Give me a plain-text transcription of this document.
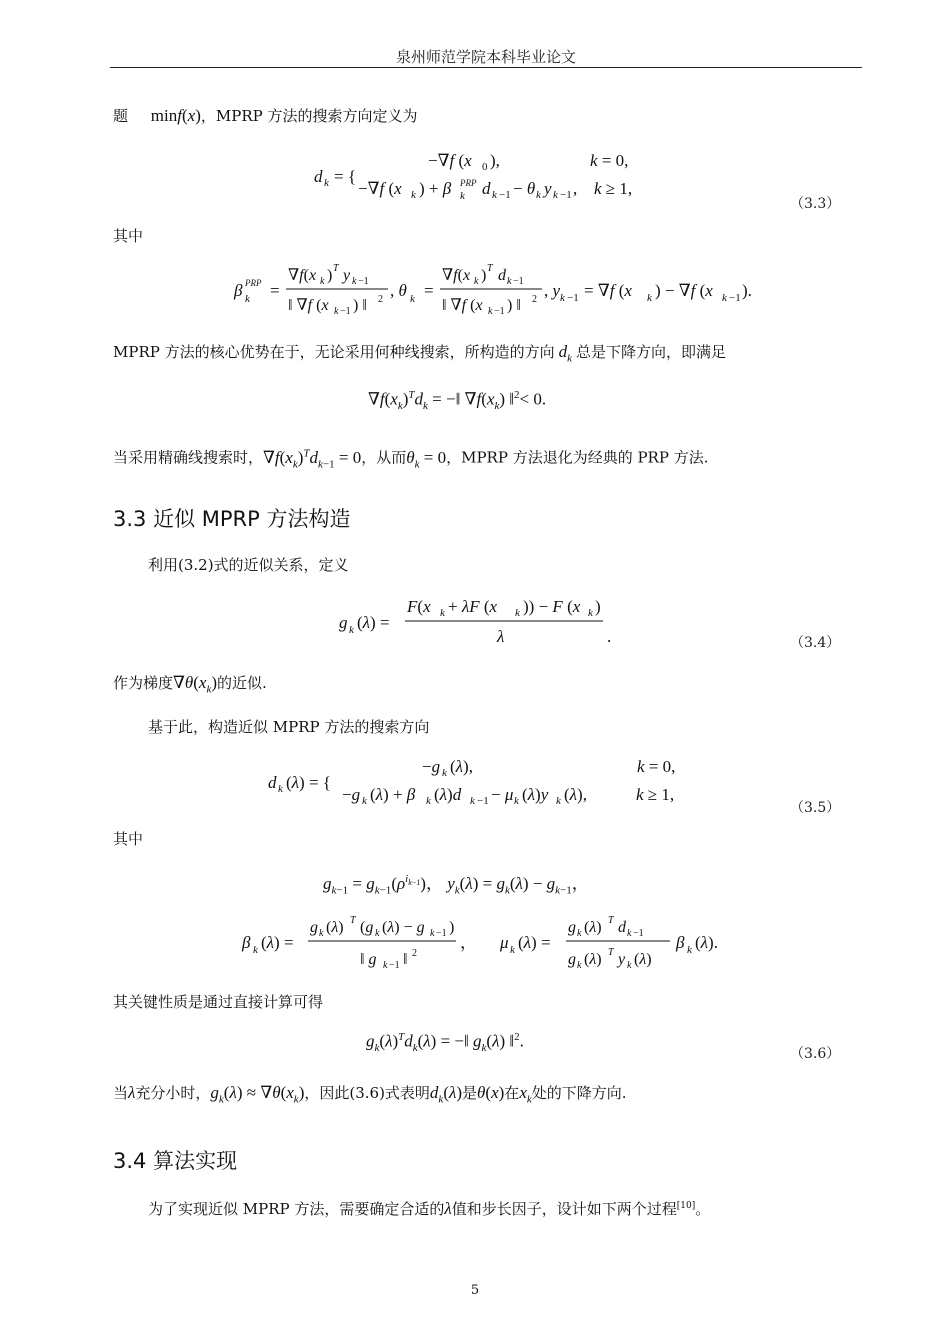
泉州师范学院本科毕业论文
题 minf(x)，MPRP 方法的搜索方向定义为
d k = {
−∇f (x 0 ),	k = 0,
−∇f (x k ) + β k
PRP d k −1 − θ k y k −1 , k ≥ 1,
（3.3）
其中
β k
PRP =
∇f(x k ) T y k −1
‖ ∇f (x k −1 ) ‖ 2 , θ k =
∇f(x k ) T d k −1
‖ ∇f (x k −1 ) ‖ 2 , y k −1 = ∇f (x k ) − ∇f (x k −1 ).
MPRP 方法的核心优势在于，无论采用何种线搜索，所构造的方向 $d_k$ 总是下降方向，即满足
$\nabla f(x_k)^Td_k$ = −‖ $\nabla f(x_k)$ ‖$^2$< 0.
当采用精确线搜索时，$\nabla f(x_k)^Td_{k-1} = 0$，从而$\theta_k = 0$，MPRP 方法退化为经典的 PRP 方法.
3.3 近似 MPRP 方法构造
利用(3.2)式的近似关系，定义
g k (λ) =
F(x k + λF (x k )) − F (x k )
λ	.	（3.4）
作为梯度$\nabla\theta(x_k)$的近似.
基于此，构造近似 MPRP 方法的搜索方向
d k (λ) = {
−g k (λ),	k = 0,
−g k (λ) + β k (λ)d k −1 − μ k (λ)y k (λ),	k ≥ 1,
（3.5）
其中
$g_{k-1} = g_{k-1}(\rho^{i_{k-1}})$， $y_k(\lambda) = g_k(\lambda) - g_{k-1}$，
β k (λ) =
g k (λ) T (g k (λ) − g k −1 )
‖ g k −1 ‖ 2
， μ k (λ) =
g k (λ) T d k −1
g k (λ) T y k (λ)
β k (λ).
其关键性质是通过直接计算可得
$g_k(\lambda)^Td_k(\lambda)$ = −‖ $g_k(\lambda)$ ‖$^2$.
（3.6）
当λ充分小时，$g_k(\lambda) \approx \nabla\theta(x_k)$，因此(3.6)式表明$d_k(\lambda)$是θ(x)在$x_k$处的下降方向.
3.4 算法实现
为了实现近似 MPRP 方法，需要确定合适的λ值和步长因子，设计如下两个过程[10]。
5
